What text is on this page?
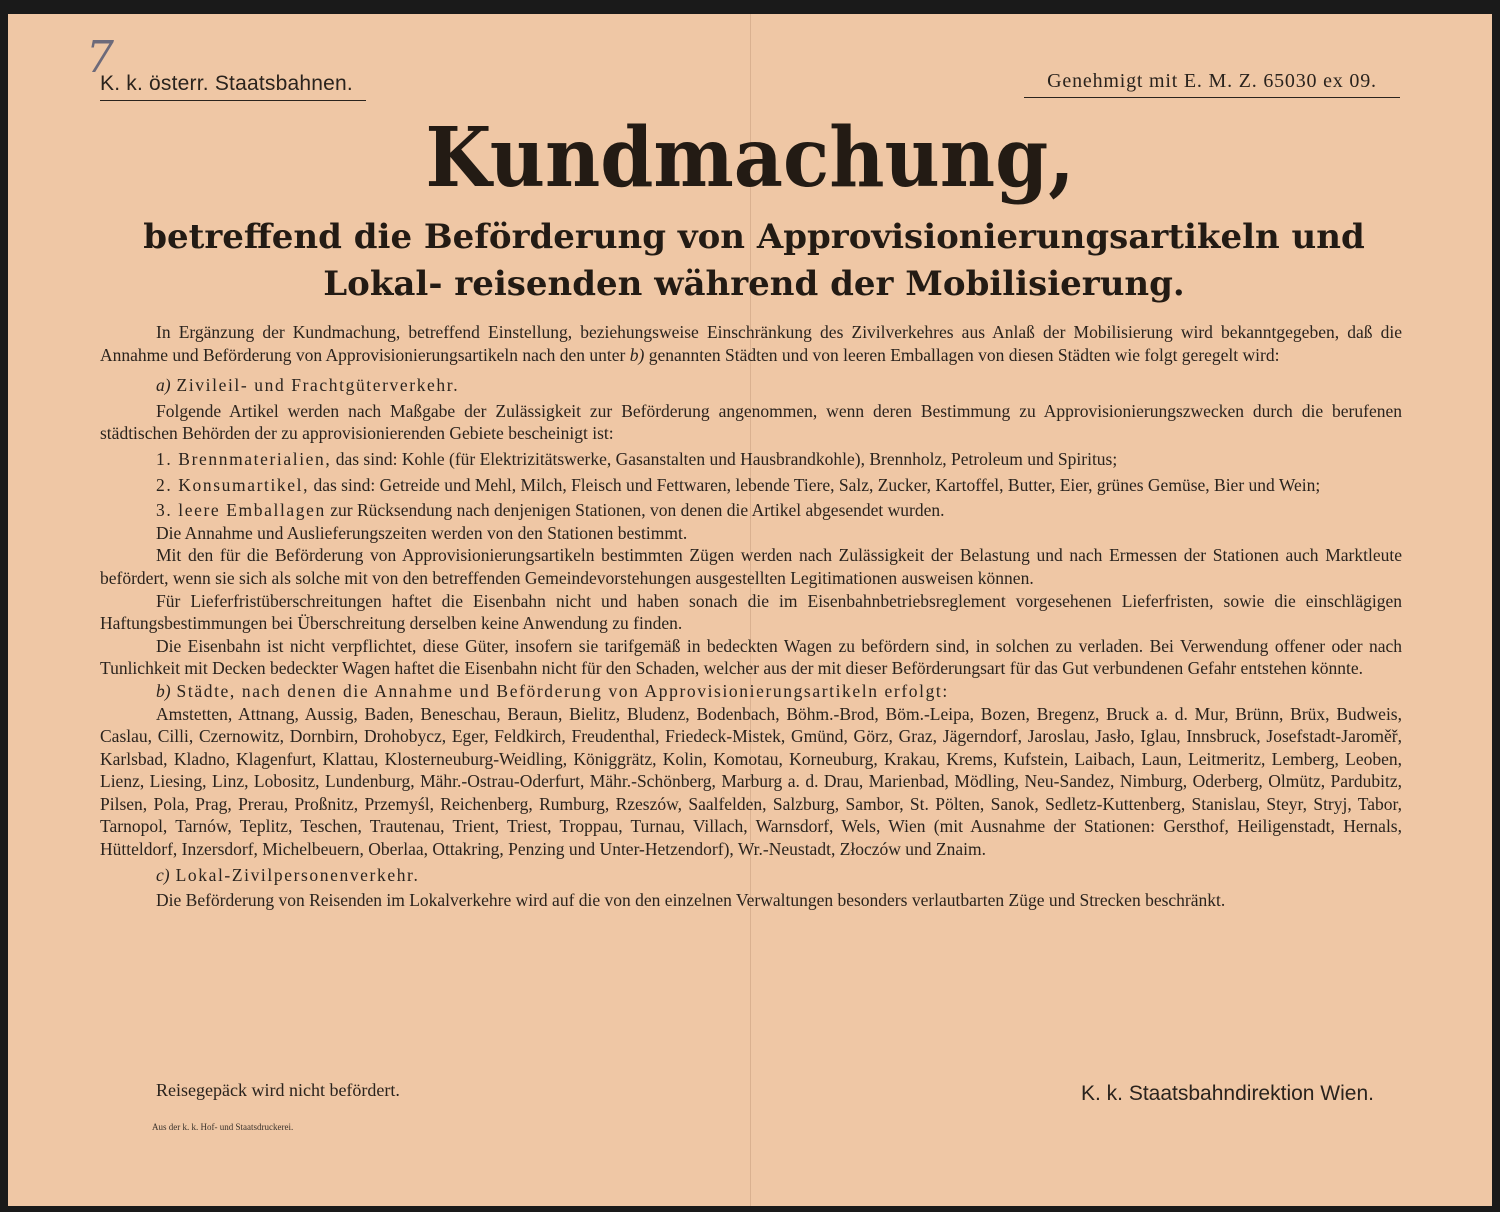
7
K. k. österr. Staatsbahnen.	Genehmigt mit E. M. Z. 65030 ex 09.
Kundmachung,
betreffend die Beförderung von Approvisionierungsartikeln und Lokal- reisenden während der Mobilisierung.

In Ergänzung der Kundmachung, betreffend Einstellung, beziehungsweise Einschränkung des Zivilverkehres aus Anlaß der Mobilisierung wird bekanntgegeben, daß die Annahme und Beförderung von Approvisionierungsartikeln nach den unter b) genannten Städten und von leeren Emballagen von diesen Städten wie folgt geregelt wird:

a) Zivileil- und Frachtgüterverkehr.

Folgende Artikel werden nach Maßgabe der Zulässigkeit zur Beförderung angenommen, wenn deren Bestimmung zu Approvisionierungszwecken durch die berufenen städtischen Behörden der zu approvisionierenden Gebiete bescheinigt ist:

1. Brennmaterialien, das sind: Kohle (für Elektrizitätswerke, Gasanstalten und Hausbrandkohle), Brennholz, Petroleum und Spiritus;

2. Konsumartikel, das sind: Getreide und Mehl, Milch, Fleisch und Fettwaren, lebende Tiere, Salz, Zucker, Kartoffel, Butter, Eier, grünes Gemüse, Bier und Wein;

3. leere Emballagen zur Rücksendung nach denjenigen Stationen, von denen die Artikel abgesendet wurden.

Die Annahme und Auslieferungszeiten werden von den Stationen bestimmt.

Mit den für die Beförderung von Approvisionierungsartikeln bestimmten Zügen werden nach Zulässigkeit der Belastung und nach Ermessen der Stationen auch Marktleute befördert, wenn sie sich als solche mit von den betreffenden Gemeindevorstehungen ausgestellten Legitimationen ausweisen können.

Für Lieferfristüberschreitungen haftet die Eisenbahn nicht und haben sonach die im Eisenbahnbetriebsreglement vorgesehenen Lieferfristen, sowie die einschlägigen Haftungsbestimmungen bei Überschreitung derselben keine Anwendung zu finden.

Die Eisenbahn ist nicht verpflichtet, diese Güter, insofern sie tarifgemäß in bedeckten Wagen zu befördern sind, in solchen zu verladen. Bei Verwendung offener oder nach Tunlichkeit mit Decken bedeckter Wagen haftet die Eisenbahn nicht für den Schaden, welcher aus der mit dieser Beförderungsart für das Gut verbundenen Gefahr entstehen könnte.

b) Städte, nach denen die Annahme und Beförderung von Approvisionierungsartikeln erfolgt:

Amstetten, Attnang, Aussig, Baden, Beneschau, Beraun, Bielitz, Bludenz, Bodenbach, Böhm.-Brod, Böm.-Leipa, Bozen, Bregenz, Bruck a. d. Mur, Brünn, Brüx, Budweis, Caslau, Cilli, Czernowitz, Dornbirn, Drohobycz, Eger, Feldkirch, Freudenthal, Friedeck-Mistek, Gmünd, Görz, Graz, Jägerndorf, Jaroslau, Jasło, Iglau, Innsbruck, Josefstadt-Jaroměř, Karlsbad, Kladno, Klagenfurt, Klattau, Klosterneuburg-Weidling, Königgrätz, Kolin, Komotau, Korneuburg, Krakau, Krems, Kufstein, Laibach, Laun, Leitmeritz, Lemberg, Leoben, Lienz, Liesing, Linz, Lobositz, Lundenburg, Mähr.-Ostrau-Oderfurt, Mähr.-Schönberg, Marburg a. d. Drau, Marienbad, Mödling, Neu-Sandez, Nimburg, Oderberg, Olmütz, Pardubitz, Pilsen, Pola, Prag, Prerau, Proßnitz, Przemyśl, Reichenberg, Rumburg, Rzeszów, Saalfelden, Salzburg, Sambor, St. Pölten, Sanok, Sedletz-Kuttenberg, Stanislau, Steyr, Stryj, Tabor, Tarnopol, Tarnów, Teplitz, Teschen, Trautenau, Trient, Triest, Troppau, Turnau, Villach, Warnsdorf, Wels, Wien (mit Ausnahme der Stationen: Gersthof, Heiligenstadt, Hernals, Hütteldorf, Inzersdorf, Michelbeuern, Oberlaa, Ottakring, Penzing und Unter-Hetzendorf), Wr.-Neustadt, Złoczów und Znaim.

c) Lokal-Zivilpersonenverkehr.

Die Beförderung von Reisenden im Lokalverkehre wird auf die von den einzelnen Verwaltungen besonders verlautbarten Züge und Strecken beschränkt.

Reisegepäck wird nicht befördert.	K. k. Staatsbahndirektion Wien.
Aus der k. k. Hof- und Staatsdruckerei.
